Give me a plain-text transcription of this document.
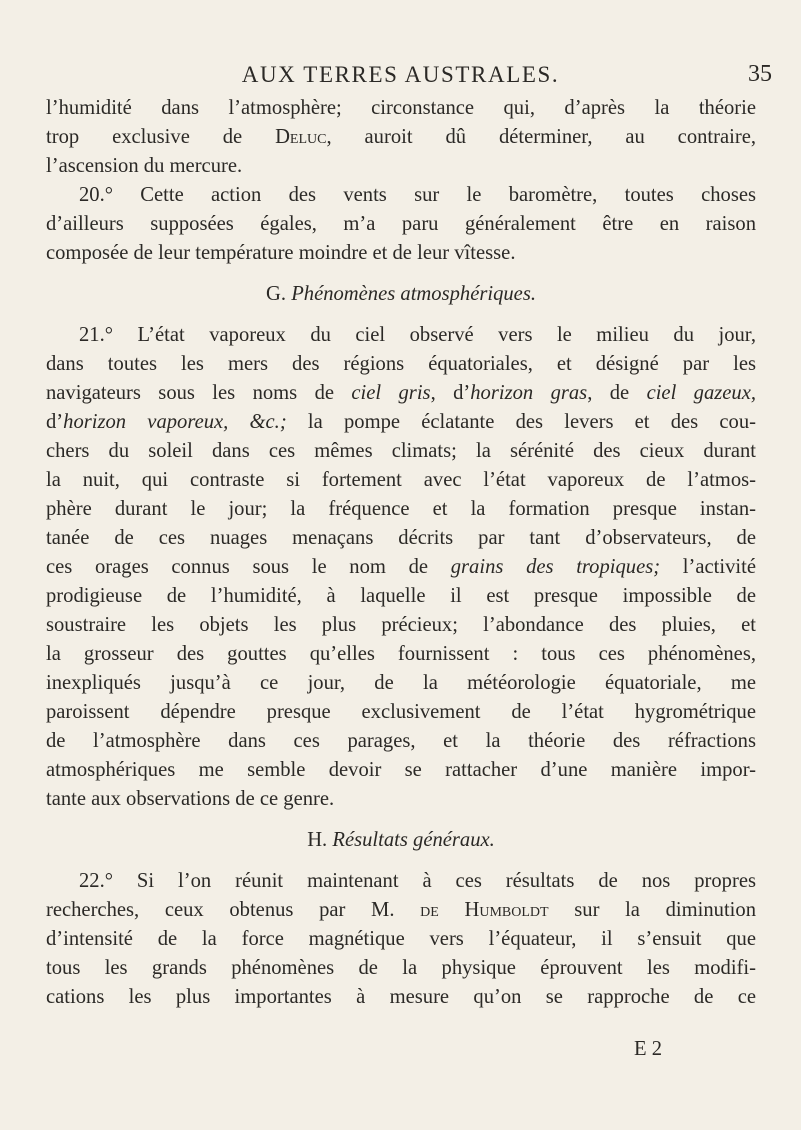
AUX TERRES AUSTRALES.	35
l’humidité dans l’atmosphère; circonstance qui, d’après la théorie
trop exclusive de Deluc, auroit dû déterminer, au contraire,
l’ascension du mercure.
20.° Cette action des vents sur le baromètre, toutes choses
d’ailleurs supposées égales, m’a paru généralement être en raison
composée de leur température moindre et de leur vîtesse.
G. Phénomènes atmosphériques.
21.° L’état vaporeux du ciel observé vers le milieu du jour,
dans toutes les mers des régions équatoriales, et désigné par les
navigateurs sous les noms de ciel gris, d’horizon gras, de ciel gazeux,
d’horizon vaporeux, &c.; la pompe éclatante des levers et des cou-
chers du soleil dans ces mêmes climats; la sérénité des cieux durant
la nuit, qui contraste si fortement avec l’état vaporeux de l’atmos-
phère durant le jour; la fréquence et la formation presque instan-
tanée de ces nuages menaçans décrits par tant d’observateurs, de
ces orages connus sous le nom de grains des tropiques; l’activité
prodigieuse de l’humidité, à laquelle il est presque impossible de
soustraire les objets les plus précieux; l’abondance des pluies, et
la grosseur des gouttes qu’elles fournissent : tous ces phénomènes,
inexpliqués jusqu’à ce jour, de la météorologie équatoriale, me
paroissent dépendre presque exclusivement de l’état hygrométrique
de l’atmosphère dans ces parages, et la théorie des réfractions
atmosphériques me semble devoir se rattacher d’une manière impor-
tante aux observations de ce genre.
H. Résultats généraux.
22.° Si l’on réunit maintenant à ces résultats de nos propres
recherches, ceux obtenus par M. de Humboldt sur la diminution
d’intensité de la force magnétique vers l’équateur, il s’ensuit que
tous les grands phénomènes de la physique éprouvent les modifi-
cations les plus importantes à mesure qu’on se rapproche de ce
E 2
